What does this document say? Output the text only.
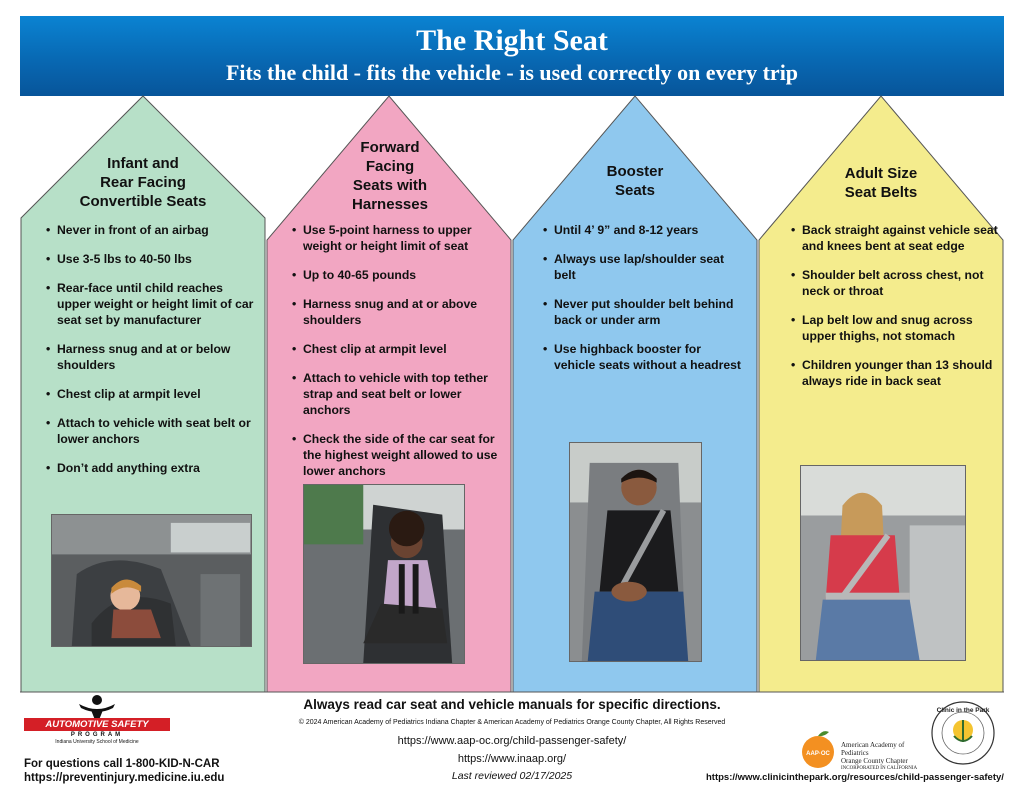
The Right Seat
Fits the child - fits the vehicle - is used correctly on every trip
Infant and
Rear Facing
Convertible Seats
• Never in front of an airbag
• Use 3-5 lbs to 40-50 lbs
• Rear-face until child reaches upper weight or height limit of car seat set by manufacturer
• Harness snug and at or below shoulders
• Chest clip at armpit level
• Attach to vehicle with seat belt or lower anchors
• Don’t add anything extra
Forward
Facing
Seats with
Harnesses
• Use 5-point harness to upper weight or height limit of seat
• Up to 40-65 pounds
• Harness snug and at or above shoulders
• Chest clip at armpit level
• Attach to vehicle with top tether strap and seat belt or lower anchors
• Check the side of the car seat for the highest weight allowed to use lower anchors
Booster
Seats
• Until 4’ 9” and 8-12 years
• Always use lap/shoulder seat belt
• Never put shoulder belt behind back or under arm
• Use highback booster for vehicle seats without a headrest
Adult Size
Seat Belts
• Back straight against vehicle seat and knees bent at seat edge
• Shoulder belt across chest, not neck or throat
• Lap belt low and snug across upper thighs, not stomach
• Children younger than 13 should always ride in back seat
Always read car seat and vehicle manuals for specific directions.
© 2024 American Academy of Pediatrics Indiana Chapter & American Academy of Pediatrics Orange County Chapter, All Rights Reserved
https://www.aap-oc.org/child-passenger-safety/
https://www.inaap.org/
Last reviewed 02/17/2025
For questions call 1-800-KID-N-CAR
https://preventinjury.medicine.iu.edu	https://www.clinicinthepark.org/resources/child-passenger-safety/
AUTOMOTIVE SAFETY
PROGRAM
Indiana University School of Medicine
AAP·OC
American Academy of Pediatrics
Orange County Chapter
INCORPORATED IN CALIFORNIA
Clinic in the Park
